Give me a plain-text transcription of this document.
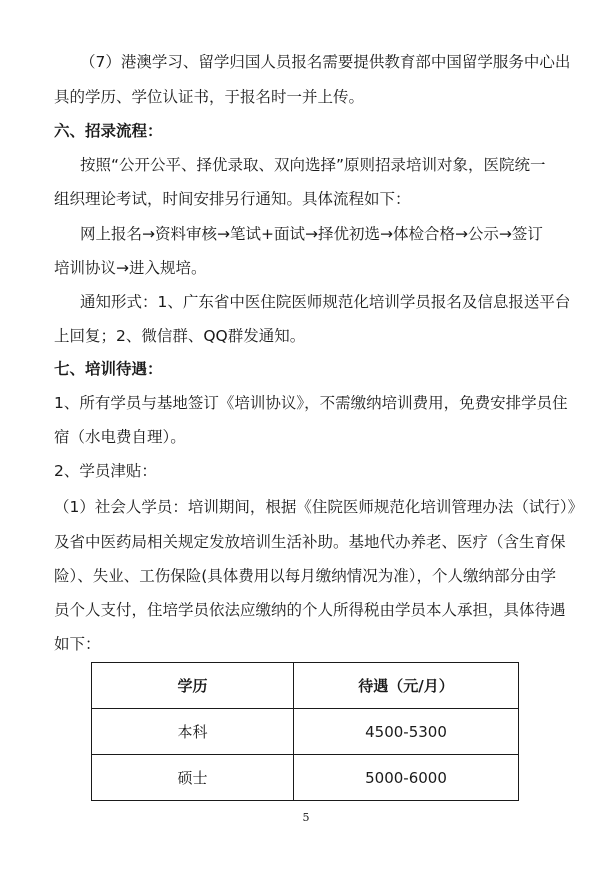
（7）港澳学习、留学归国人员报名需要提供教育部中国留学服务中心出
具的学历、学位认证书，于报名时一并上传。
六、招录流程：
按照“公开公平、择优录取、双向选择”原则招录培训对象，医院统一
组织理论考试，时间安排另行通知。具体流程如下：
网上报名→资料审核→笔试+面试→择优初选→体检合格→公示→签订
培训协议→进入规培。
通知形式：1、广东省中医住院医师规范化培训学员报名及信息报送平台
上回复；2、微信群、QQ群发通知。
七、培训待遇：
1、所有学员与基地签订《培训协议》，不需缴纳培训费用，免费安排学员住
宿（水电费自理）。
2、学员津贴：
（1）社会人学员：培训期间，根据《住院医师规范化培训管理办法（试行）》
及省中医药局相关规定发放培训生活补助。基地代办养老、医疗（含生育保
险）、失业、工伤保险(具体费用以每月缴纳情况为准），个人缴纳部分由学
员个人支付，住培学员依法应缴纳的个人所得税由学员本人承担，具体待遇
如下：
学历	待遇（元/月）
本科	4500-5300
硕士	5000-6000
5
